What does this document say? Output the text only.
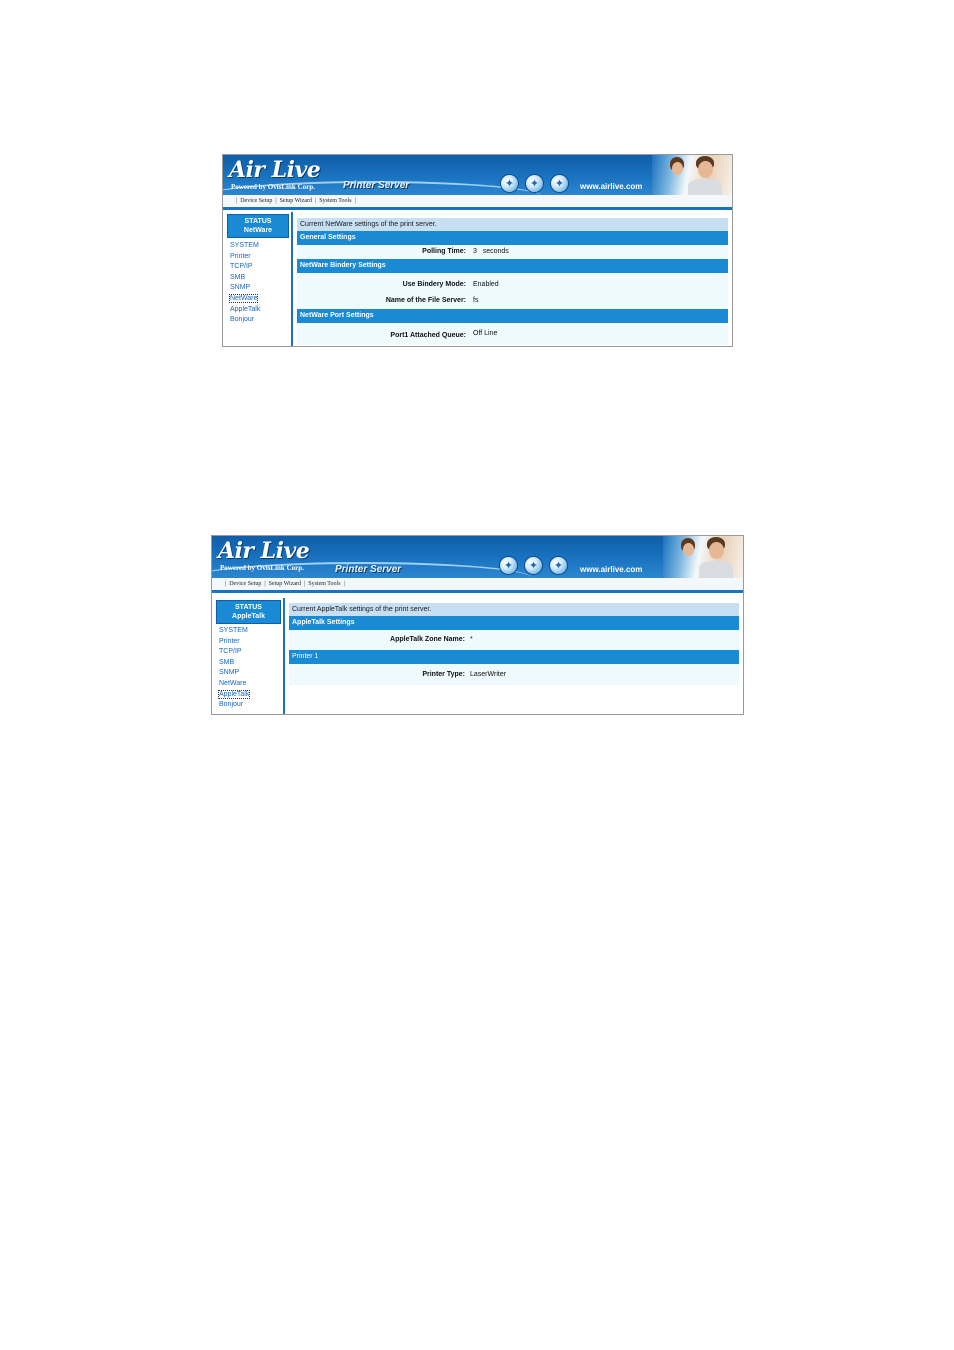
Air Live
Powered by OvisLink Corp.	Printer Server	✦	✦	✦	www.airlive.com
| Device Setup | Setup Wizard | System Tools |
STATUS
NetWare
SYSTEM
Printer
TCP/IP
SMB
SNMP
NetWare
AppleTalk
Bonjour
Current NetWare settings of the print server.
General Settings
Polling Time: 3   seconds
NetWare Bindery Settings
Use Bindery Mode: Enabled
Name of the File Server: fs
NetWare Port Settings
Port1 Attached Queue: Off Line
Air Live
Powered by OvisLink Corp.	Printer Server	✦	✦	✦	www.airlive.com
| Device Setup | Setup Wizard | System Tools |
STATUS
AppleTalk
SYSTEM
Printer
TCP/IP
SMB
SNMP
NetWare
AppleTalk
Bonjour
Current AppleTalk settings of the print server.
AppleTalk Settings
AppleTalk Zone Name: *
Printer 1
Printer Type: LaserWriter
